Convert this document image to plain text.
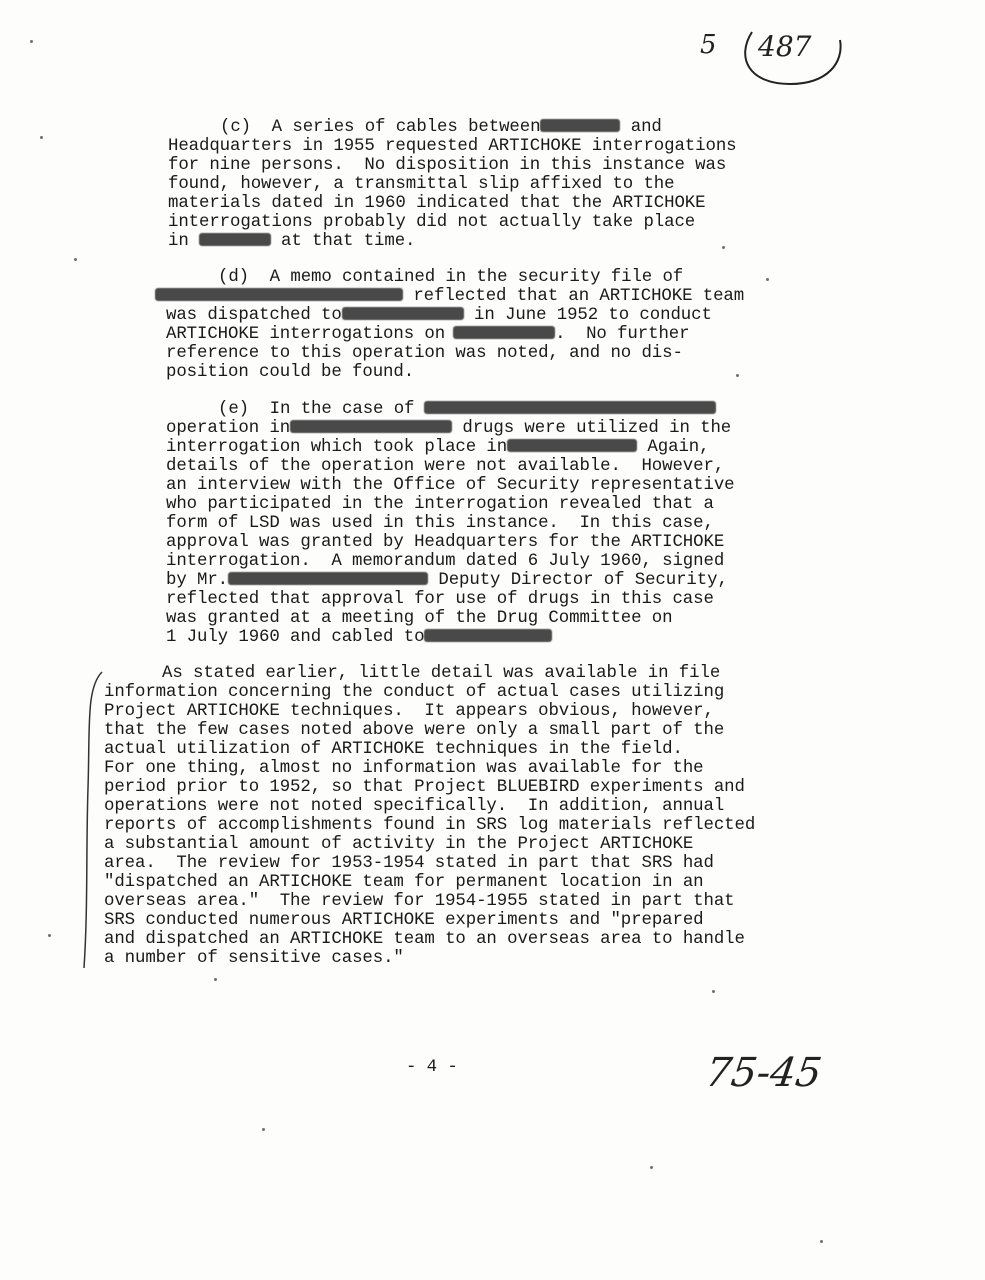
5 487
(c)  A series of cables between	and
Headquarters in 1955 requested ARTICHOKE interrogations
for nine persons.  No disposition in this instance was
found, however, a transmittal slip affixed to the
materials dated in 1960 indicated that the ARTICHOKE
interrogations probably did not actually take place
in	at that time.
(d)  A memo contained in the security file of
reflected that an ARTICHOKE team
was dispatched to	in June 1952 to conduct
ARTICHOKE interrogations on	.  No further
reference to this operation was noted, and no dis-
position could be found.
(e)  In the case of
operation in	drugs were utilized in the
interrogation which took place in	Again,
details of the operation were not available.  However,
an interview with the Office of Security representative
who participated in the interrogation revealed that a
form of LSD was used in this instance.  In this case,
approval was granted by Headquarters for the ARTICHOKE
interrogation.  A memorandum dated 6 July 1960, signed
by Mr.	Deputy Director of Security,
reflected that approval for use of drugs in this case
was granted at a meeting of the Drug Committee on
1 July 1960 and cabled to
As stated earlier, little detail was available in file
information concerning the conduct of actual cases utilizing
Project ARTICHOKE techniques.  It appears obvious, however,
that the few cases noted above were only a small part of the
actual utilization of ARTICHOKE techniques in the field.
For one thing, almost no information was available for the
period prior to 1952, so that Project BLUEBIRD experiments and
operations were not noted specifically.  In addition, annual
reports of accomplishments found in SRS log materials reflected
a substantial amount of activity in the Project ARTICHOKE
area.  The review for 1953-1954 stated in part that SRS had
"dispatched an ARTICHOKE team for permanent location in an
overseas area."  The review for 1954-1955 stated in part that
SRS conducted numerous ARTICHOKE experiments and "prepared
and dispatched an ARTICHOKE team to an overseas area to handle
a number of sensitive cases."
- 4 -	75-45
